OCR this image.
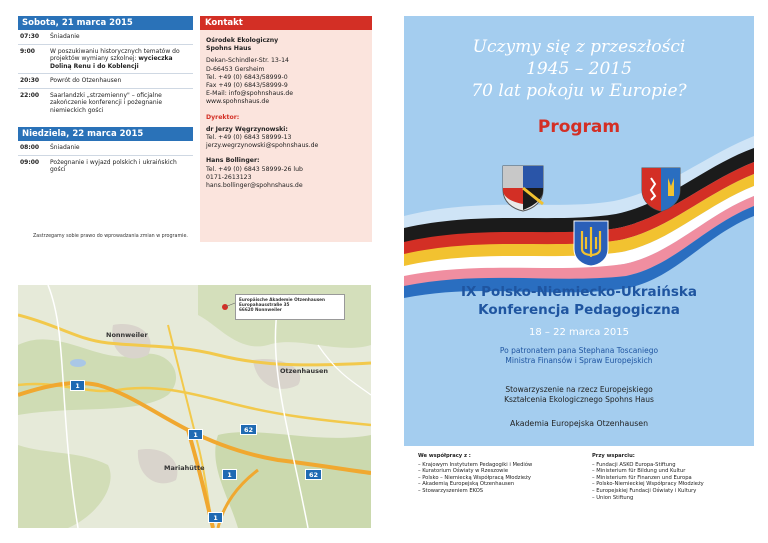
Sobota, 21 marca 2015
07:30	Śniadanie
9:00	W poszukiwaniu historycznych tematów do projektów wymiany szkolnej: wycieczka Doliną Renu i do Koblencji
20:30	Powrót do Otzenhausen
22:00	Saarlandzki „strzemienny" – oficjalne zakończenie konferencji i pożegnanie niemieckich gości
Niedziela, 22 marca 2015
08:00	Śniadanie
09:00	Pożegnanie i wyjazd polskich i ukraińskich gości
Zastrzegamy sobie prawo do wprowadzania zmian w programie.
Kontakt
Ośrodek Ekologiczny
Spohns Haus
Dekan-Schindler-Str. 13-14
D-66453 Gersheim
Tel. +49 (0) 6843/58999-0
Fax +49 (0) 6843/58999-9
E-Mail: info@spohnshaus.de
www.spohnshaus.de
Dyrektor:
dr Jerzy Węgrzynowski:
Tel. +49 (0) 6843 58999-13
jerzy.wegrzynowski@spohnshaus.de
Hans Bollinger:
Tel. +49 (0) 6843 58999-26 lub
0171-2613123
hans.bollinger@spohnshaus.de
Europäische Akademie Otzenhausen
Europahausstraße 35
66620 Nonnweiler
Nonnweiler
Otzenhausen
Mariahütte
1
1
62
1	62
1
Uczymy się z przeszłości
1945 – 2015
70 lat pokoju w Europie?
Program
IX Polsko-Niemiecko-Ukraińska
Konferencja Pedagogiczna
18 – 22 marca 2015
Po patronatem pana Stephana Toscaniego
Ministra Finansów i Spraw Europejskich
Stowarzyszenie na rzecz Europejskiego
Kształcenia Ekologicznego Spohns Haus
Akademia Europejska Otzenhausen
We współpracy z :
– Krajowym Instytutem Pedagogiki i Mediów
– Kuratorium Oświaty w Rzeszowie
– Polsko – Niemiecką Współpracą Młodzieży
– Akademią Europejską Otzenhausen
– Stowarzyszeniem EKOS
Przy wsparciu:
– Fundacji ASKO Europa-Stiftung
– Ministerium für Bildung und Kultur
– Ministerium für Finanzen und Europa
– Polsko-Niemieckiej Współpracy Młodzieży
– Europejskiej Fundacji Oświaty i Kultury
– Union Stiftung
